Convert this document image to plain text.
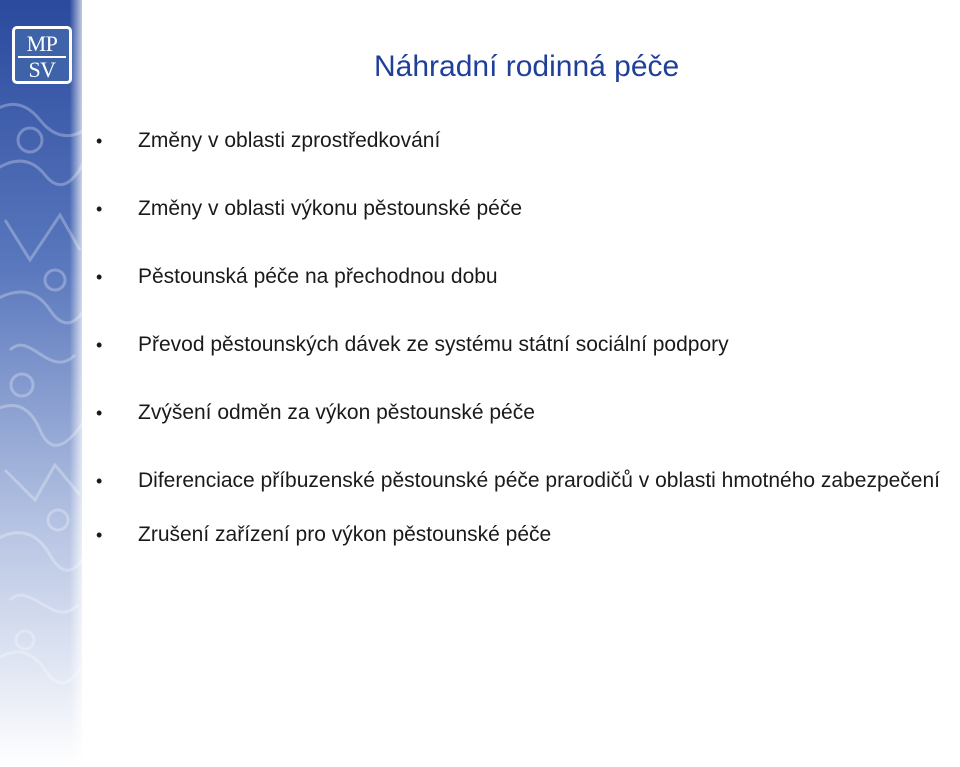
MP
SV	Náhradní rodinná péče
• Změny v oblasti zprostředkování
• Změny v oblasti výkonu pěstounské péče
• Pěstounská péče na přechodnou dobu
• Převod pěstounských dávek ze systému státní sociální podpory
• Zvýšení odměn za výkon pěstounské péče
• Diferenciace příbuzenské pěstounské péče prarodičů v oblasti hmotného zabezpečení
• Zrušení zařízení pro výkon pěstounské péče
